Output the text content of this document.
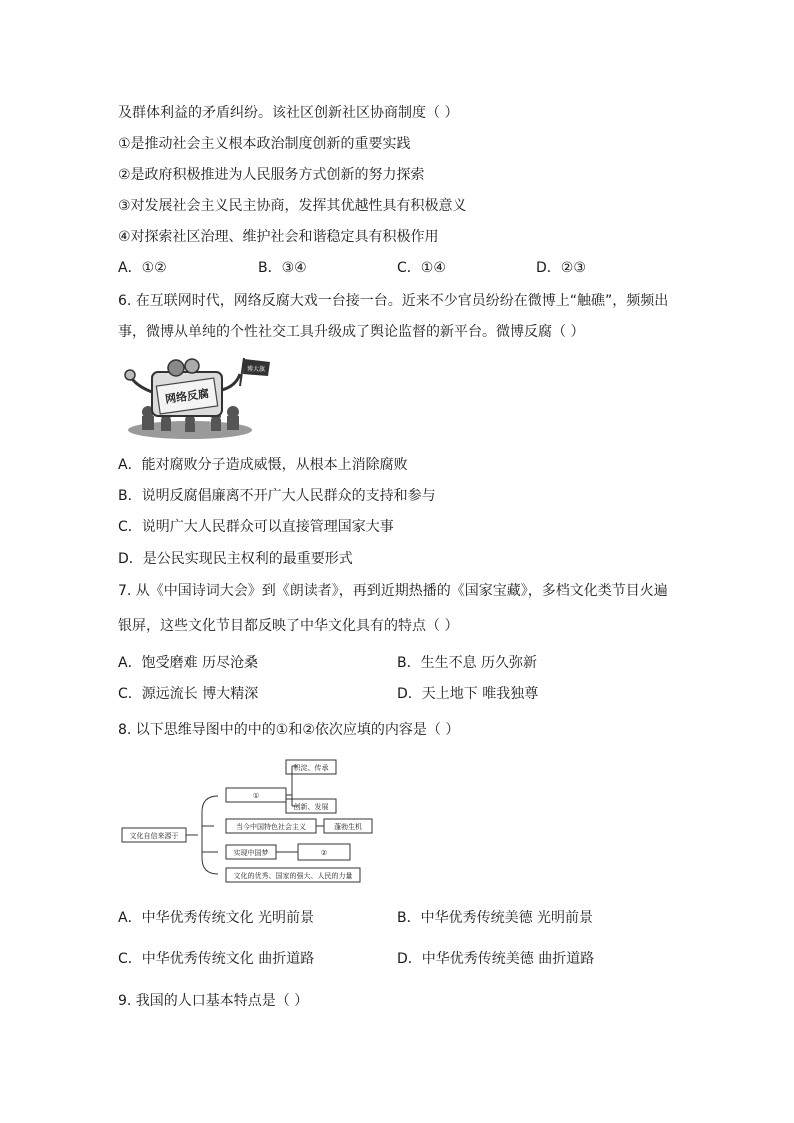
及群体利益的矛盾纠纷。该社区创新社区协商制度（ ）
①是推动社会主义根本政治制度创新的重要实践
②是政府积极推进为人民服务方式创新的努力探索
③对发展社会主义民主协商，发挥其优越性具有积极意义
④对探索社区治理、维护社会和谐稳定具有积极作用
A．①②	B．③④	C．①④	D．②③
6. 在互联网时代，网络反腐大戏一台接一台。近来不少官员纷纷在微博上“触礁”，频频出
事，微博从单纯的个性社交工具升级成了舆论监督的新平台。微博反腐（ ）
网络反腐
博大旗
A．能对腐败分子造成威慑，从根本上消除腐败
B．说明反腐倡廉离不开广大人民群众的支持和参与
C．说明广大人民群众可以直接管理国家大事
D．是公民实现民主权利的最重要形式
7. 从《中国诗词大会》到《朗读者》，再到近期热播的《国家宝藏》，多档文化类节目火遍
银屏，这些文化节目都反映了中华文化具有的特点（ ）
A．饱受磨难 历尽沧桑	B．生生不息 历久弥新
C．源远流长 博大精深	D．天上地下 唯我独尊
8. 以下思维导图中的中的①和②依次应填的内容是（ ）
文化自信来源于
①
积淀、传承
创新、发展
当今中国特色社会主义	蓬勃生机
实现中国梦	②
文化的优秀、国家的强大、人民的力量
A．中华优秀传统文化 光明前景	B．中华优秀传统美德 光明前景
C．中华优秀传统文化 曲折道路	D．中华优秀传统美德 曲折道路
9. 我国的人口基本特点是（ ）
